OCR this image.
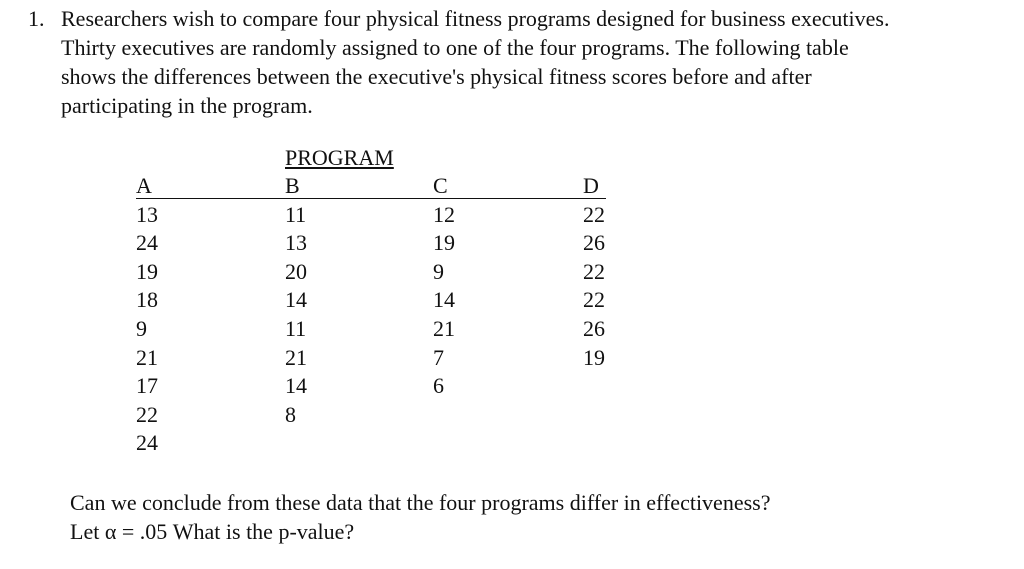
1. Researchers wish to compare four physical fitness programs designed for business executives.
Thirty executives are randomly assigned to one of the four programs. The following table
shows the differences between the executive's physical fitness scores before and after
participating in the program.
PROGRAM
A
13
24
19
18
9
21
17
22
24
B
11
13
20
14
11
21
14
8
C
12
19
9
14
21
7
6
D
22
26
22
22
26
19
Can we conclude from these data that the four programs differ in effectiveness?
Let α = .05 What is the p-value?
